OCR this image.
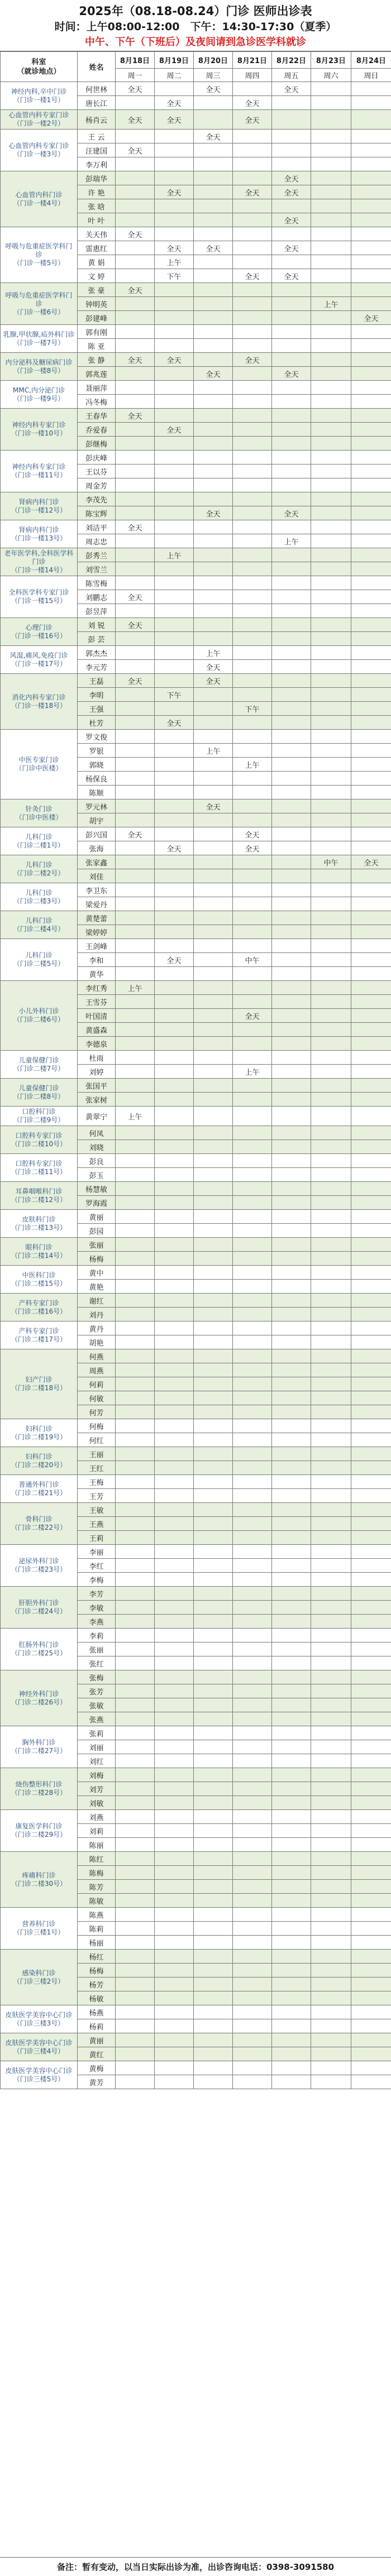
2025年（08.18-08.24）门诊 医师出诊表
时间：上午08:00-12:00　下午：14:30-17:30（夏季）
中午、下午（下班后）及夜间请到急诊医学科就诊
科室
（就诊地点）	姓名	8月18日	8月19日	8月20日	8月21日	8月22日	8月23日	8月24日
		周一	周二	周三	周四	周五	周六	周日
神经内科,卒中门诊
（门诊一楼1号）	何世林	全天		全天		全天		
	唐长江		全天		全天			
心血管内科专家门诊
（门诊一楼2号）	杨肖云	全天	全天		全天			
心血管内科专家门诊
（门诊一楼3号）	王 云			全天				
	汪建国	全天						
	李万利							
心血管内科门诊
（门诊一楼4号）	彭瑞华					全天		
	许 艳		全天		全天	全天		
	张 晗							
	叶 叶					全天		
呼吸与危重症医学科门诊
（门诊一楼5号）	关天伟	全天						
	雷惠红		全天	全天		全天		
	黄 娟		上午					
	文 婷		下午		全天	全天		
呼吸与危重症医学科门诊
（门诊一楼6号）	张 豪	全天						
	钟明英						上午	
	彭建峰							全天
乳腺,甲状腺,疝外科门诊
（门诊一楼7号）	郭有刚							
	陈 亚							
内分泌科及糖尿病门诊
（门诊一楼8号）	张 静	全天	全天		全天			
	郭兆莲			全天		全天		
MMC,内分泌门诊
（门诊一楼9号）	聂丽萍							
	冯冬梅							
神经内科专家门诊
（门诊一楼10号）	王春华	全天						
	乔爱春		全天					
	彭继梅							
神经内科专家门诊
（门诊一楼11号）	彭庆峰							
	王以芬							
	周金芳							
肾病内科门诊
（门诊一楼12号）	李茂先							
	陈宝辉			全天		全天		
肾病内科门诊
（门诊一楼13号）	刘洁平	全天						
	周志忠					上午		
老年医学科,全科医学科门诊
（门诊一楼14号）	彭秀兰		上午					
	刘雪兰							
全科医学科专家门诊
（门诊一楼15号）	陈雪梅							
	刘鹏志	全天						
	彭昱萍							
心理门诊
（门诊一楼16号）	刘 锐	全天						
	彭 芸							
风湿,痛风,免疫门诊
（门诊一楼17号）	郭杰杰			上午				
	李元芳			全天				
消化内科专家门诊
（门诊一楼18号）	王磊	全天		全天				
	李明		下午					
	王强				下午			
	杜芳		全天					
中医专家门诊
（门诊中医楼）	罗文俊							
	罗银			上午				
	郭晓				上午			
	杨保良							
	陈顺							
针灸门诊
（门诊中医楼）	罗元林			全天				
	胡宇							
儿科门诊
（门诊二楼1号）	彭兴国	全天			全天			
	张海		全天		全天			
儿科门诊
（门诊二楼2号）	张家鑫						中午	全天
	刘佳							
儿科门诊
（门诊二楼3号）	李卫东							
	梁爱丹							
儿科门诊
（门诊二楼4号）	黄楚蕾							
	梁婷婷							
儿科门诊
（门诊二楼5号）	王剑峰							
	李和		全天		中午			
	黄华							
小儿外科门诊
（门诊二楼6号）	李红秀	上午						
	王雪芬							
	叶国清				全天			
	黄盛森							
	李德泉							
儿童保健门诊
（门诊二楼7号）	杜雨							
	刘婷				上午			
儿童保健门诊
（门诊二楼8号）	张国平							
	张家树							
口腔科门诊
（门诊二楼9号）	黄翠宁	上午						
口腔科专家门诊
（门诊二楼10号）	何凤							
	刘晓							
口腔科专家门诊
（门诊二楼11号）	彭良							
	彭玉							
耳鼻咽喉科门诊
（门诊二楼12号）	杨慧敏							
	罗海霞							
皮肤科门诊
（门诊二楼13号）	黄丽							
	彭园							
眼科门诊
（门诊二楼14号）	张丽							
	杨梅							
中医科门诊
（门诊二楼15号）	黄中							
	黄艳							
产科专家门诊
（门诊二楼16号）	谢红							
	刘丹							
产科专家门诊
（门诊二楼17号）	黄丹							
	胡艳							
妇产门诊
（门诊二楼18号）	何燕							
	周燕							
	何莉							
	何敏							
	何芳							
妇科门诊
（门诊二楼19号）	何梅							
	何红							
妇科门诊
（门诊二楼20号）	王丽							
	王红							
普通外科门诊
（门诊二楼21号）	王梅							
	王芳							
骨科门诊
（门诊二楼22号）	王敏							
	王燕							
	王莉							
泌尿外科门诊
（门诊二楼23号）	李丽							
	李红							
	李梅							
肝胆外科门诊
（门诊二楼24号）	李芳							
	李敏							
	李燕							
肛肠外科门诊
（门诊二楼25号）	李莉							
	张丽							
	张红							
神经外科门诊
（门诊二楼26号）	张梅							
	张芳							
	张敏							
	张燕							
胸外科门诊
（门诊二楼27号）	张莉							
	刘丽							
	刘红							
烧伤整形科门诊
（门诊二楼28号）	刘梅							
	刘芳							
	刘敏							
康复医学科门诊
（门诊二楼29号）	刘燕							
	刘莉							
	陈丽							
疼痛科门诊
（门诊二楼30号）	陈红							
	陈梅							
	陈芳							
	陈敏							
营养科门诊
（门诊三楼1号）	陈燕							
	陈莉							
	杨丽							
感染科门诊
（门诊三楼2号）	杨红							
	杨梅							
	杨芳							
	杨敏							
皮肤医学美容中心门诊
（门诊三楼3号）	杨燕							
	杨莉							
皮肤医学美容中心门诊
（门诊三楼4号）	黄丽							
	黄红							
皮肤医学美容中心门诊
（门诊三楼5号）	黄梅							
	黄芳							
备注：暂有变动，以当日实际出诊为准，出诊咨询电话：0398-3091580
